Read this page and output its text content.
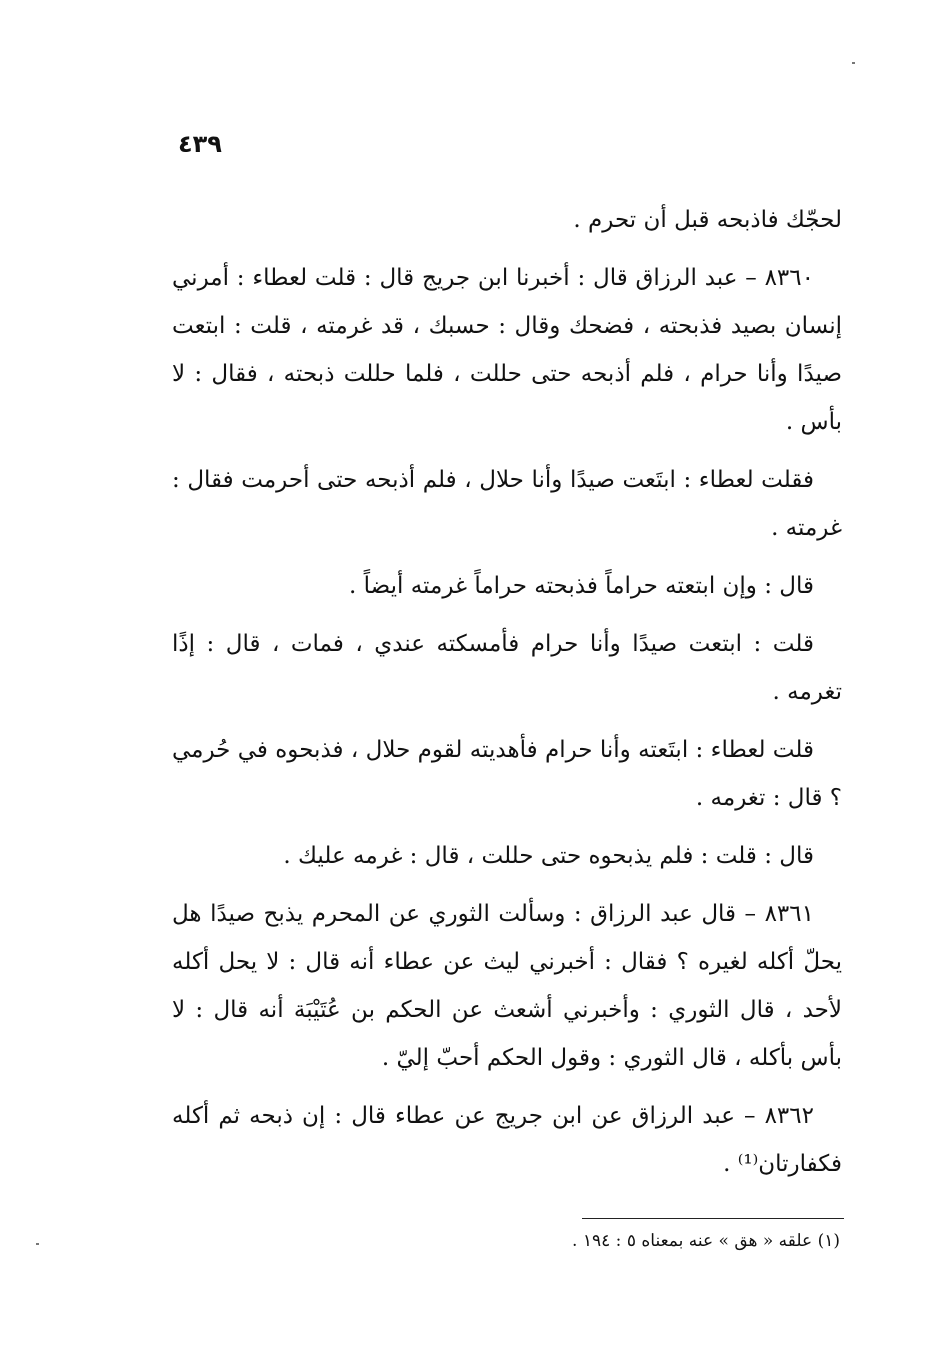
٤٣٩

لحجّك فاذبحه قبل أن تحرم .

٨٣٦٠ – عبد الرزاق قال : أخبرنا ابن جريج قال : قلت لعطاء : أمرني إنسان بصيد فذبحته ، فضحك وقال : حسبك ، قد غرمته ، قلت : ابتعت صيدًا وأنا حرام ، فلم أذبحه حتى حللت ، فلما حللت ذبحته ، فقال : لا بأس .

فقلت لعطاء : ابتَعت صيدًا وأنا حلال ، فلم أذبحه حتى أحرمت فقال : غرمته .

قال : وإن ابتعته حراماً فذبحته حراماً غرمته أيضاً .

قلت : ابتعت صيدًا وأنا حرام فأمسكته عندي ، فمات ، قال : إذًا تغرمه .

قلت لعطاء : ابتَعته وأنا حرام فأهديته لقوم حلال ، فذبحوه في حُرمي ؟ قال : تغرمه .

قال : قلت : فلم يذبحوه حتى حللت ، قال : غرمه عليك .

٨٣٦١ – قال عبد الرزاق : وسألت الثوري عن المحرم يذبح صيدًا هل يحلّ أكله لغيره ؟ فقال : أخبرني ليث عن عطاء أنه قال : لا يحل أكله لأحد ، قال الثوري : وأخبرني أشعث عن الحكم بن عُتَيْبَة أنه قال : لا بأس بأكله ، قال الثوري : وقول الحكم أحبّ إليّ .

٨٣٦٢ – عبد الرزاق عن ابن جريج عن عطاء قال : إن ذبحه ثم أكله فكفارتان⁽¹⁾ .

(١) علقه « هق » عنه بمعناه ٥ : ١٩٤ .
